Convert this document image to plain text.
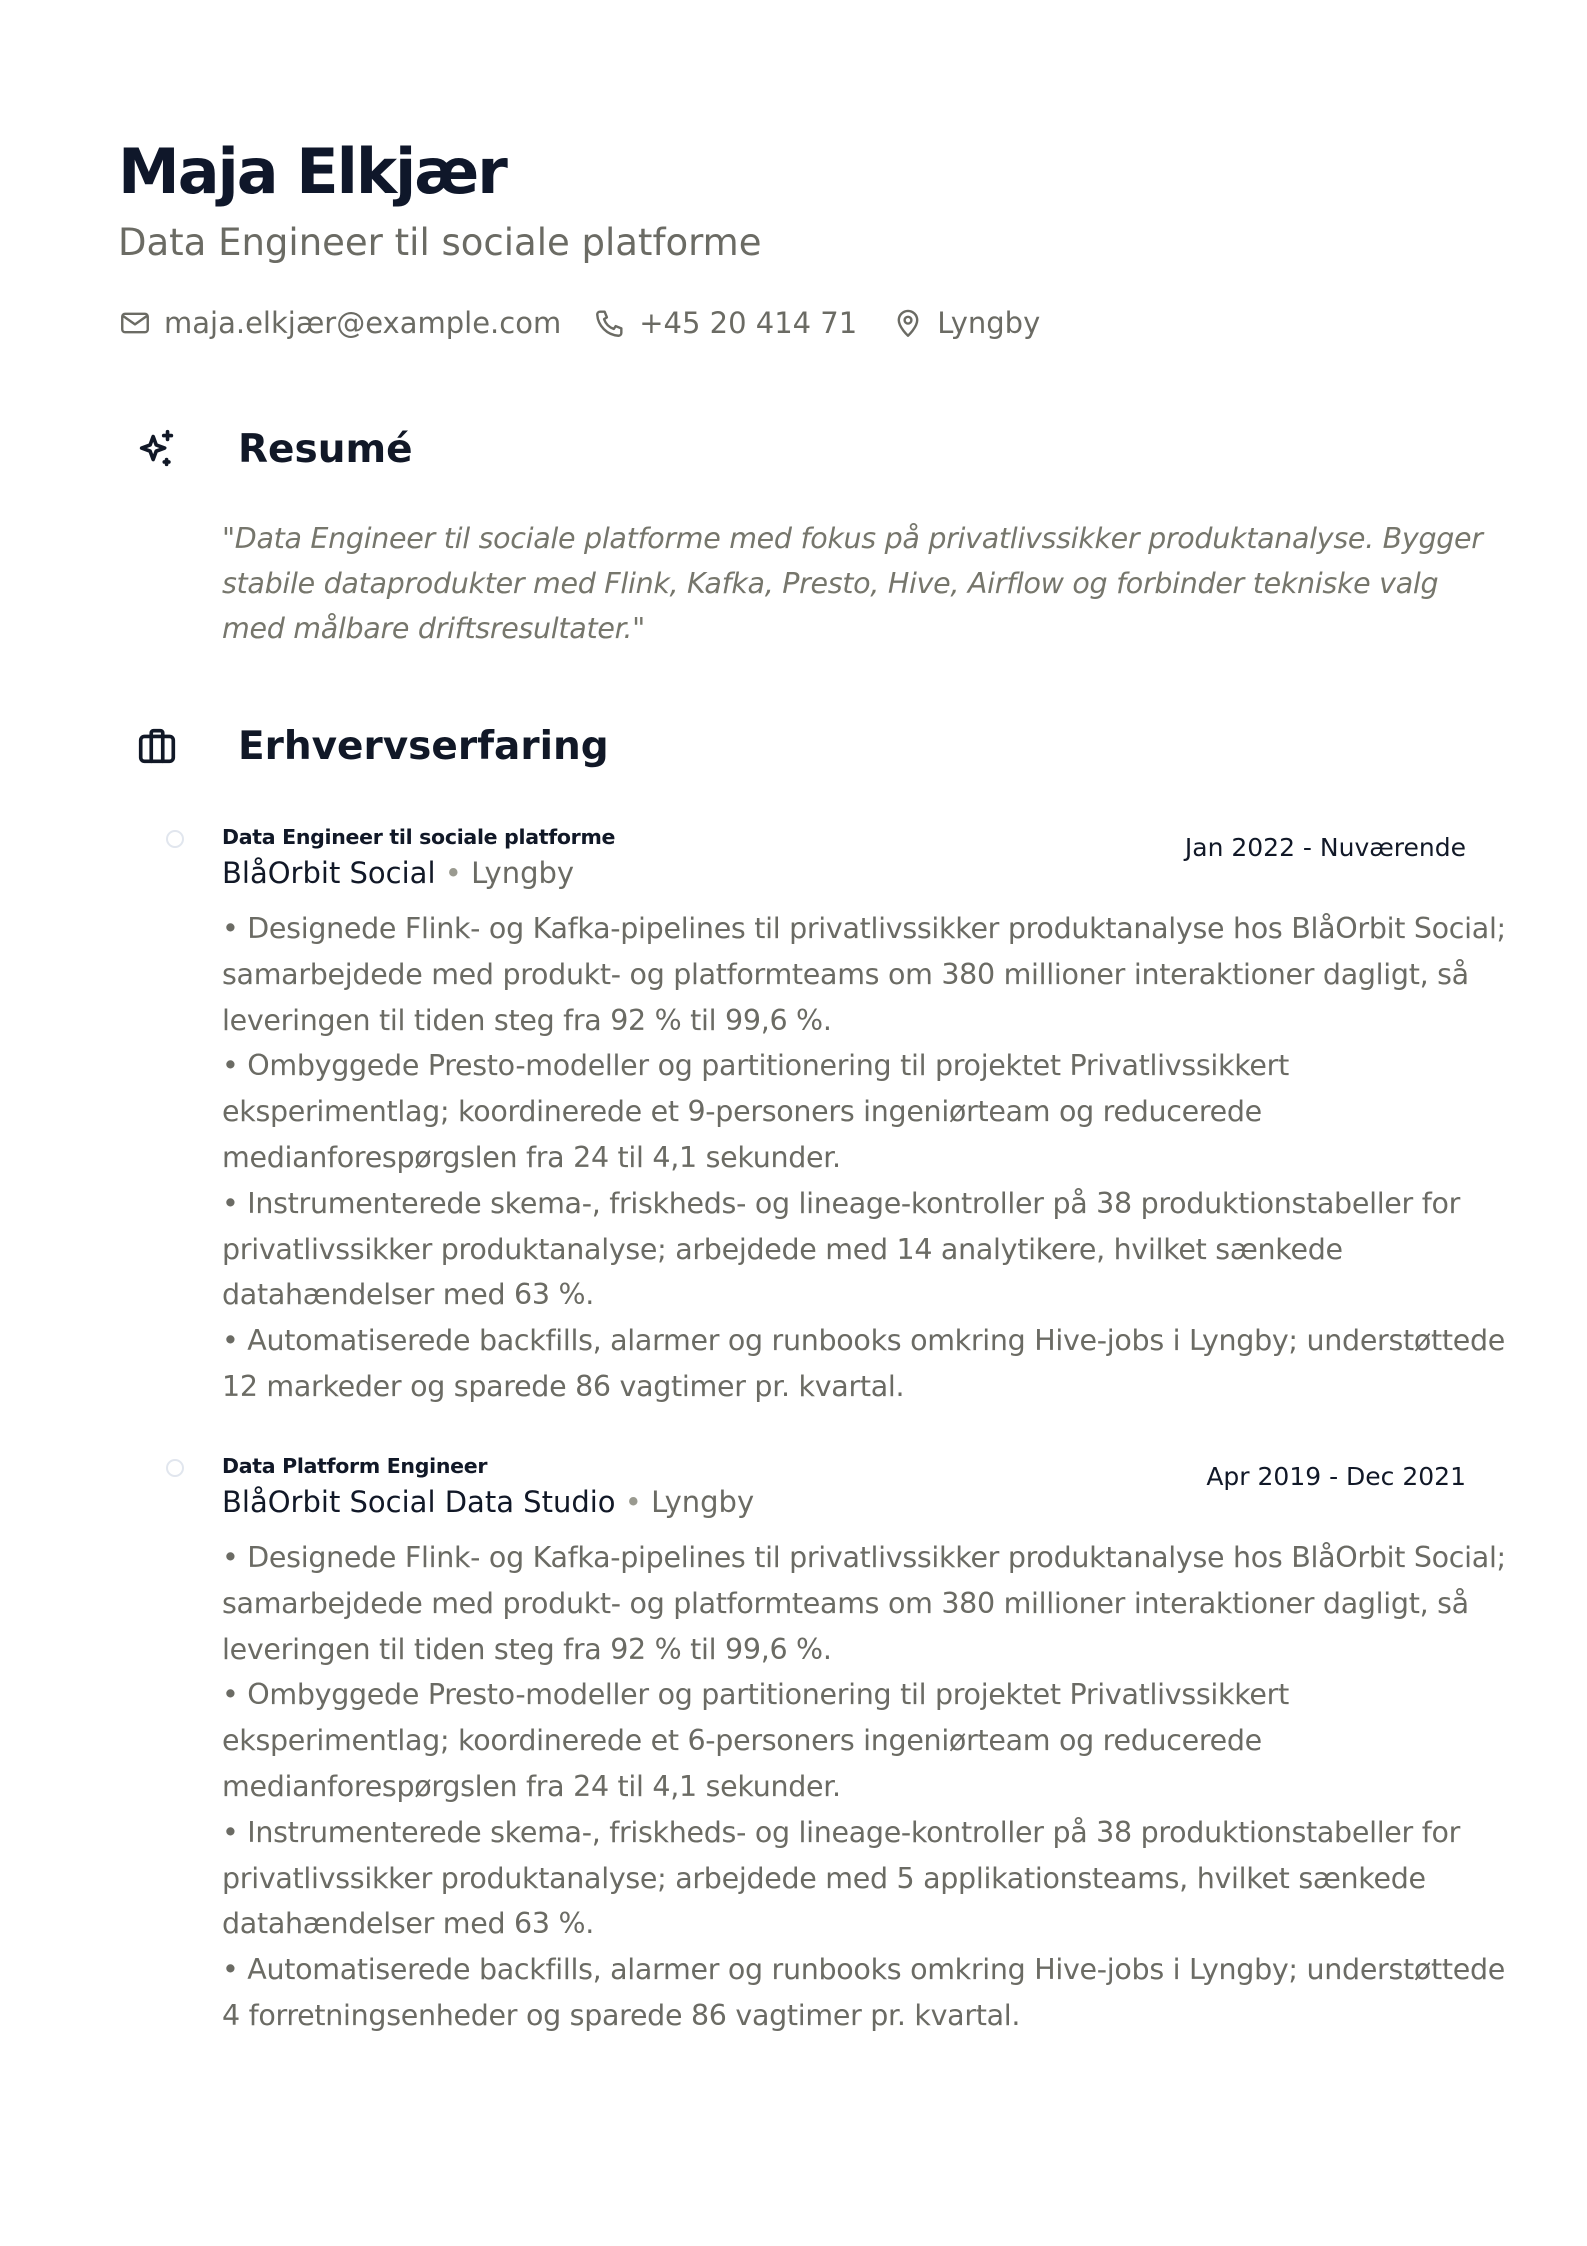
Maja Elkjær
Data Engineer til sociale platforme
maja.elkjær@example.com	+45 20 414 71	Lyngby
Resumé

"Data Engineer til sociale platforme med fokus på privatlivssikker produktanalyse. Bygger stabile dataprodukter med Flink, Kafka, Presto, Hive, Airflow og forbinder tekniske valg med målbare driftsresultater."

Erhvervserfaring
Data Engineer til sociale platforme	Jan 2022 - Nuværende
BlåOrbit Social • Lyngby
• Designede Flink- og Kafka-pipelines til privatlivssikker produktanalyse hos BlåOrbit Social; samarbejdede med produkt- og platformteams om 380 millioner interaktioner dagligt, så leveringen til tiden steg fra 92 % til 99,6 %.
• Ombyggede Presto-modeller og partitionering til projektet Privatlivssikkert eksperimentlag; koordinerede et 9-personers ingeniørteam og reducerede medianforespørgslen fra 24 til 4,1 sekunder.
• Instrumenterede skema-, friskheds- og lineage-kontroller på 38 produktionstabeller for privatlivssikker produktanalyse; arbejdede med 14 analytikere, hvilket sænkede datahændelser med 63 %.
• Automatiserede backfills, alarmer og runbooks omkring Hive-jobs i Lyngby; understøttede 12 markeder og sparede 86 vagtimer pr. kvartal.
Data Platform Engineer	Apr 2019 - Dec 2021
BlåOrbit Social Data Studio • Lyngby
• Designede Flink- og Kafka-pipelines til privatlivssikker produktanalyse hos BlåOrbit Social; samarbejdede med produkt- og platformteams om 380 millioner interaktioner dagligt, så leveringen til tiden steg fra 92 % til 99,6 %.
• Ombyggede Presto-modeller og partitionering til projektet Privatlivssikkert eksperimentlag; koordinerede et 6-personers ingeniørteam og reducerede medianforespørgslen fra 24 til 4,1 sekunder.
• Instrumenterede skema-, friskheds- og lineage-kontroller på 38 produktionstabeller for privatlivssikker produktanalyse; arbejdede med 5 applikationsteams, hvilket sænkede datahændelser med 63 %.
• Automatiserede backfills, alarmer og runbooks omkring Hive-jobs i Lyngby; understøttede 4 forretningsenheder og sparede 86 vagtimer pr. kvartal.
